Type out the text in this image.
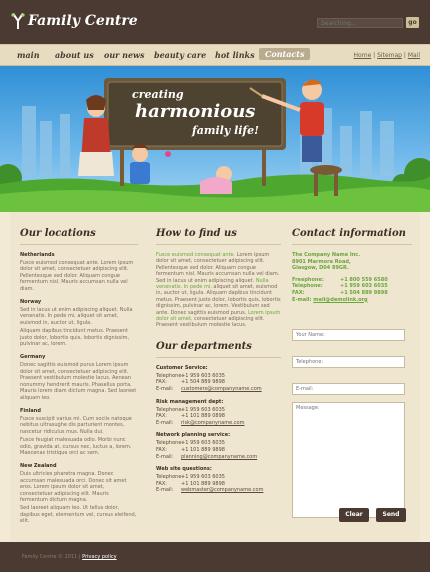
Family Centre
Searching...	go
main about us our news beauty care hot links	Contacts	Home | Sitemap | Mail
creating
harmonious
family life!
Our locations
Netherlands
Fusce euismod consequat ante. Lorem ipsum dolor sit amet, consectetuer adipiscing elit. Pellentesque sed dolor. Aliquam congue fermentum nisl. Mauris accumsan nulla vel diam.
Norway
Sed in lacus ut enim adipiscing aliquet. Nulla venenatis. In pede mi, aliquet sit amet, euismod in, auctor ut, ligula.
Aliquam dapibus tincidunt metus. Praesent justo dolor, lobortis quis, lobortis dignissim, pulvinar ac, lorem.
Germany
Donec sagittis euismod purus Lorem ipsum dolor sit amet, consectetuer adipiscing elit. Praesent vestibulum molestie lacus. Aenean nonummy hendrerit mauris. Phasellus porta. Mauris lorem diam dictum magna. Sed laoreet aliquam leo.
Finland
Fusce suscipit varius mi. Cum sociis natoque nebitus ultrasughe dis parturient montes, nascetur ridiculus mus. Nulla dui.
Fusce feugiat malesuada odio. Morbi nunc odio, gravida at, cursus nec, luctus a, lorem. Maecenas tristique orci ac sem.
New Zealand
Duis ultricies pharetra magna. Donec accumsan malesuada orci. Donec sit amet eros. Lorem ipsum dolor sit amet, consectetuer adipiscing elit. Mauris fermentum dictum magna.
Sed laoreet aliquam leo. Ut tellus dolor, dapibus eget, elementum vel, cursus eleifend, elit.
How to find us
Fusce euismod consequat ante. Lorem ipsum dolor sit amet, consectetuer adipiscing elit. Pellentesque sed dolor. Aliquam congue fermentum nisl. Mauris accumsan nulla vel diam. Sed in lacus ut enim adipiscing aliquet. Nulla venenatis. In pede mi, aliquet sit amet, euismod in, auctor ut, ligula. Aliquam dapibus tincidunt metus. Praesent justo dolor, lobortis quis, lobortis dignissim, pulvinar ac, lorem. Vestibulum sed ante. Donec sagittis euismod purus. Lorem ipsum dolor sit amet, consectetuer adipiscing elit. Praesent vestibulum molestie lacus.
Our departments
Customer Service:
Telephone:+1 959 603 6035
FAX:	+1 504 889 9898
E-mail: customers@companyname.com
Risk management dept:
Telephone:+1 959 603 6035
FAX:	+1 101 889 0898
E-mail: risk@companyname.com
Network planning service:
Telephone:+1 959 603 6035
FAX:	+1 101 889 9898
E-mail: planning@companyname.com
Web site questions:
Telephone:+1 959 603 6035
FAX:	+1 101 889 9898
E-mail: webmaster@companyname.com
Contact information
The Company Name Inc.
8901 Marmora Road,
Glasgow, D04 89GR.
Freephone:	+1 800 559 6580
Telephone:	+1 959 603 6035
FAX:	+1 504 889 9898
E-mail: mail@demolink.org
Your Name: Telephone: E-mail: Message:
Clear	Send
Family Centre © 2011 | Privacy policy
